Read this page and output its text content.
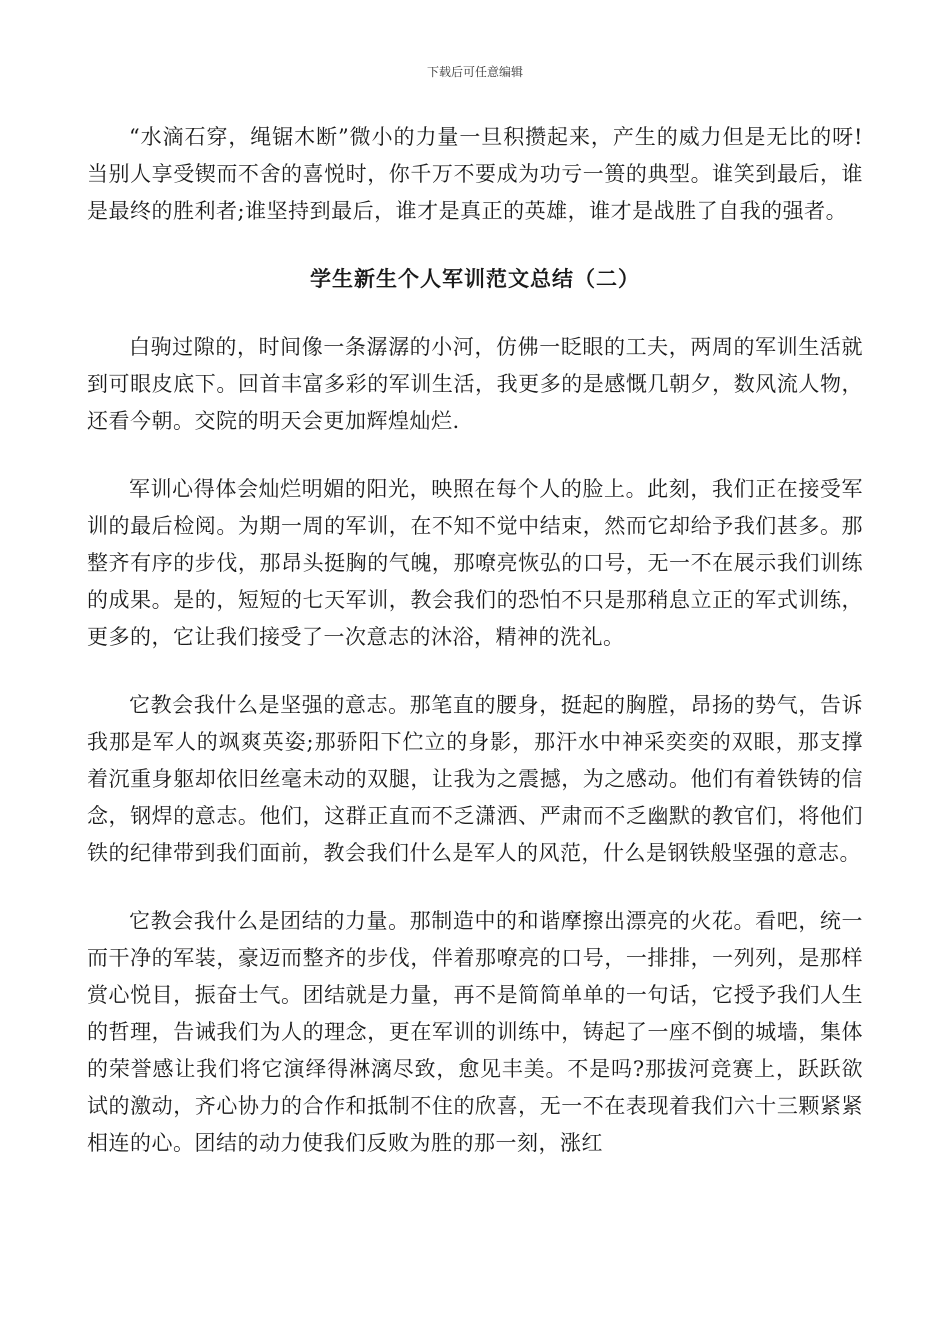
下载后可任意编辑

“水滴石穿，绳锯木断”微小的力量一旦积攒起来，产生的威力但是无比的呀!当别人享受锲而不舍的喜悦时，你千万不要成为功亏一篑的典型。谁笑到最后，谁是最终的胜利者;谁坚持到最后，谁才是真正的英雄，谁才是战胜了自我的强者。

学生新生个人军训范文总结（二）

白驹过隙的，时间像一条潺潺的小河，仿佛一眨眼的工夫，两周的军训生活就到可眼皮底下。回首丰富多彩的军训生活，我更多的是感慨几朝夕，数风流人物，还看今朝。交院的明天会更加辉煌灿烂.

军训心得体会灿烂明媚的阳光，映照在每个人的脸上。此刻，我们正在接受军训的最后检阅。为期一周的军训，在不知不觉中结束，然而它却给予我们甚多。那整齐有序的步伐，那昂头挺胸的气魄，那嘹亮恢弘的口号，无一不在展示我们训练的成果。是的，短短的七天军训，教会我们的恐怕不只是那稍息立正的军式训练，更多的，它让我们接受了一次意志的沐浴，精神的洗礼。

它教会我什么是坚强的意志。那笔直的腰身，挺起的胸膛，昂扬的势气，告诉我那是军人的飒爽英姿;那骄阳下伫立的身影，那汗水中神采奕奕的双眼，那支撑着沉重身躯却依旧丝毫未动的双腿，让我为之震撼，为之感动。他们有着铁铸的信念，钢焊的意志。他们，这群正直而不乏潇洒、严肃而不乏幽默的教官们，将他们铁的纪律带到我们面前，教会我们什么是军人的风范，什么是钢铁般坚强的意志。

它教会我什么是团结的力量。那制造中的和谐摩擦出漂亮的火花。看吧，统一而干净的军装，豪迈而整齐的步伐，伴着那嘹亮的口号，一排排，一列列，是那样赏心悦目，振奋士气。团结就是力量，再不是简简单单的一句话，它授予我们人生的哲理，告诫我们为人的理念，更在军训的训练中，铸起了一座不倒的城墙，集体的荣誉感让我们将它演绎得淋漓尽致，愈见丰美。不是吗?那拔河竞赛上，跃跃欲试的激动，齐心协力的合作和抵制不住的欣喜，无一不在表现着我们六十三颗紧紧相连的心。团结的动力使我们反败为胜的那一刻，涨红
